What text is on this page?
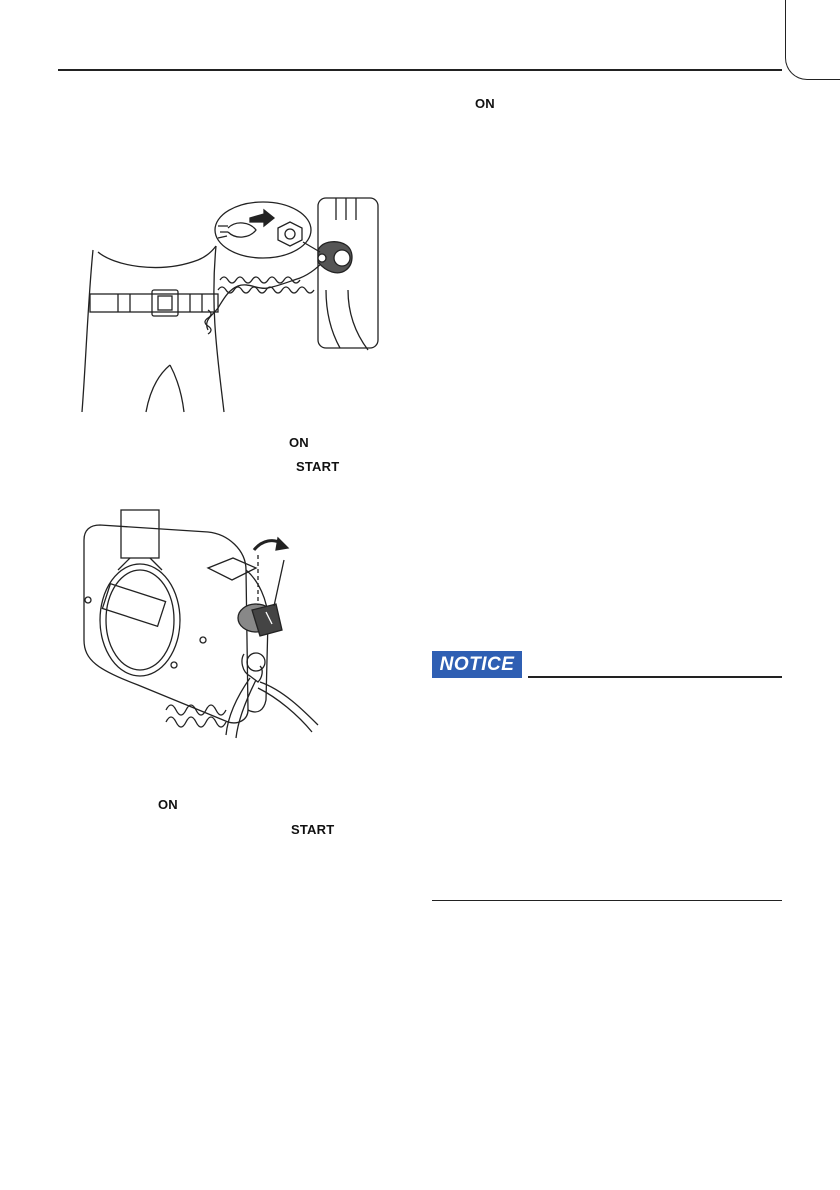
ON
START
ON
ON
START
NOTICE
